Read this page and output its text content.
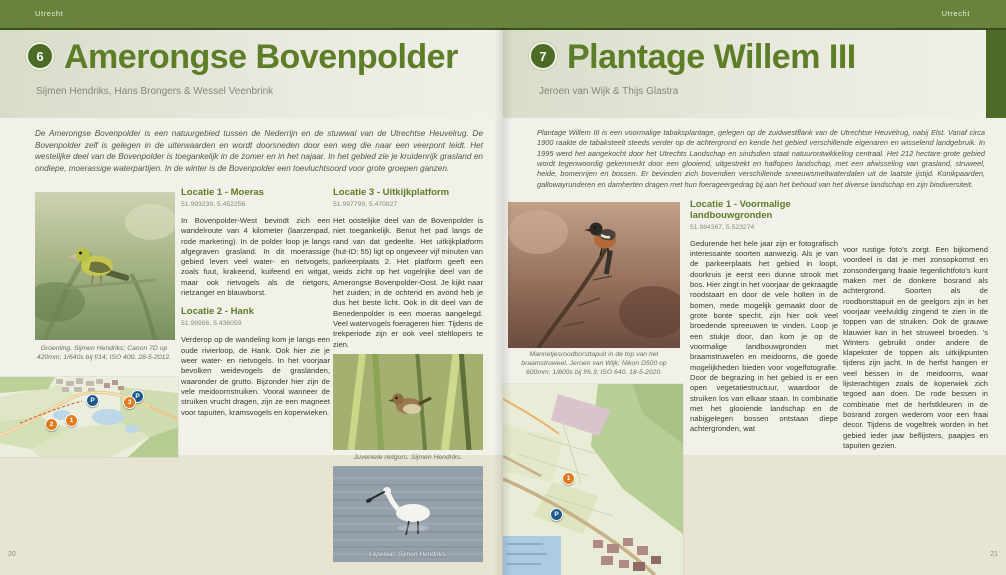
Utrecht	Utrecht
6 Amerongse Bovenpolder
Sijmen Hendriks, Hans Brongers & Wessel Veenbrink
7 Plantage Willem III
Jeroen van Wijk & Thijs Glastra

De Amerongse Bovenpolder is een natuurgebied tussen de Nederrijn en de stuwwal van de Utrechtse Heuvelrug. De Bovenpolder zelf is gelegen in de uiterwaarden en wordt doorsneden door een weg die naar een veerpont leidt. Het westelijke deel van de Bovenpolder is toegankelijk in de zomer en in het najaar. In het gebied zie je kruidenrijk grasland en ondiepe, moerassige waterpartijen. In de winter is de Bovenpolder een toevluchtsoord voor grote groepen ganzen.

Plantage Willem III is een voormalige tabaksplantage, gelegen op de zuidwestflank van de Utrechtse Heuvelrug, nabij Elst. Vanaf circa 1900 raakte de tabaksteelt steeds verder op de achtergrond en kende het gebied verschillende eigenaren en wisselend landgebruik. In 1995 werd het aangekocht door het Utrechts Landschap en sindsdien staat natuurontwikkeling centraal. Het 212 hectare grote gebied wordt tegenwoordig gekenmerkt door een glooiend, uitgestrekt en halfopen landschap, met een afwisseling van grasland, struweel, heide, bomenrijen en bossen. Er bevinden zich bovendien verschillende sneeuwsmeltwaterdalen uit de laatste ijstijd. Konikpaarden, gallowayrunderen en damherten dragen met hun foerageergedrag bij aan het behoud van het diverse landschap en zijn biodiversiteit.

Groenling. Sijmen Hendriks; Canon 7D op 420mm; 1/640s bij f/14; ISO 400. 28-5-2012.
Locatie 1 - Moeras
51.993239, 5.452256

In Bovenpolder-West bevindt zich een wandelroute van 4 kilometer (laarzenpad, rode markering). In de polder loop je langs afgegraven grasland. In dit moerassige gebied leven veel water- en rietvogels, zoals fuut, krakeend, kuifeend en witgat, maar ook rietvogels als de rietgors, rietzanger en blauwborst.

Locatie 2 - Hank
51.98986, 5.436059

Verderop op de wandeling kom je langs een oude rivierloop, de Hank. Ook hier zie je weer water- en rietvogels. In het voorjaar bevolken weidevogels de graslanden, waaronder de grutto. Bijzonder hier zijn de vele meidoornstruiken. Vooral wanneer de struiken vrucht dragen, zijn ze een magneet voor tapuiten, kramsvogels en koperwieken.

Locatie 3 - Uitkijkplatform
51.997799, 5.470827

Het oostelijke deel van de Bovenpolder is niet toegankelijk. Benut het pad langs de rand van dat gedeelte. Het uitkijkplatform (hut-ID: 55) ligt op ongeveer vijf minuten van parkeerplaats 2. Het platform geeft een weids zicht op het vogelrijke deel van de Amerongse Bovenpolder-Oost. Je kijkt naar het zuiden; in de ochtend en avond heb je dus het beste licht. Ook in dit deel van de Benedenpolder is een moeras aangelegd. Veel watervogels foerageren hier. Tijdens de trekperiode zijn er ook veel steltlopers te zien.

Juveniele rietgors. Sijmen Hendriks.
Lepelaar. Sijmen Hendriks.
P
P
1
2
3
Mannetjesroodborsttapuit in de top van het braamstruweel. Jeroen van Wijk; Nikon D500 op 600mm; 1/800s bij f/6.3; ISO 640. 18-5-2020.
Locatie 1 - Voormalige landbouwgronden
51.984367, 5.523274

Gedurende het hele jaar zijn er fotografisch interessante soorten aanwezig. Als je van de parkeerplaats het gebied in loopt, doorkruis je eerst een dunne strook met bos. Hier zingt in het voorjaar de gekraagde roodstaart en door de vele holten in de bomen, mede mogelijk gemaakt door de grote bonte specht, zijn hier ook veel broedende spreeuwen te vinden. Loop je een stukje door, dan kom je op de voormalige landbouwgronden met braamstruwelen en meidoorns, die goede mogelijkheden bieden voor vogelfotografie. Door de begrazing in het gebied is er een open vegetatiestructuur, waardoor de struiken los van elkaar staan. In combinatie met het glooiende landschap en de nabijgelegen bossen ontstaan diepe achtergronden, wat

voor rustige foto's zorgt. Een bijkomend voordeel is dat je met zonsopkomst en zonsondergang fraaie tegenlichtfoto's kunt maken met de donkere bosrand als achtergrond. Soorten als de roodborsttapuit en de geelgors zijn in het voorjaar veelvuldig zingend te zien in de toppen van de struiken. Ook de grauwe klauwier kan in het struweel broeden. 's Winters gebruikt onder andere de klapekster de toppen als uitkijkpunten tijdens zijn jacht. In de herfst hangen er veel bessen in de meidoorns, waar lijsterachtigen zoals de koperwiek zich tegoed aan doen. De rode bessen in combinatie met de herfstkleuren in de bosrand zorgen wederom voor een fraai decor. Tijdens de vogeltrek worden in het gebied ieder jaar beflijsters, paapjes en tapuiten gezien.

1
P
20	21
